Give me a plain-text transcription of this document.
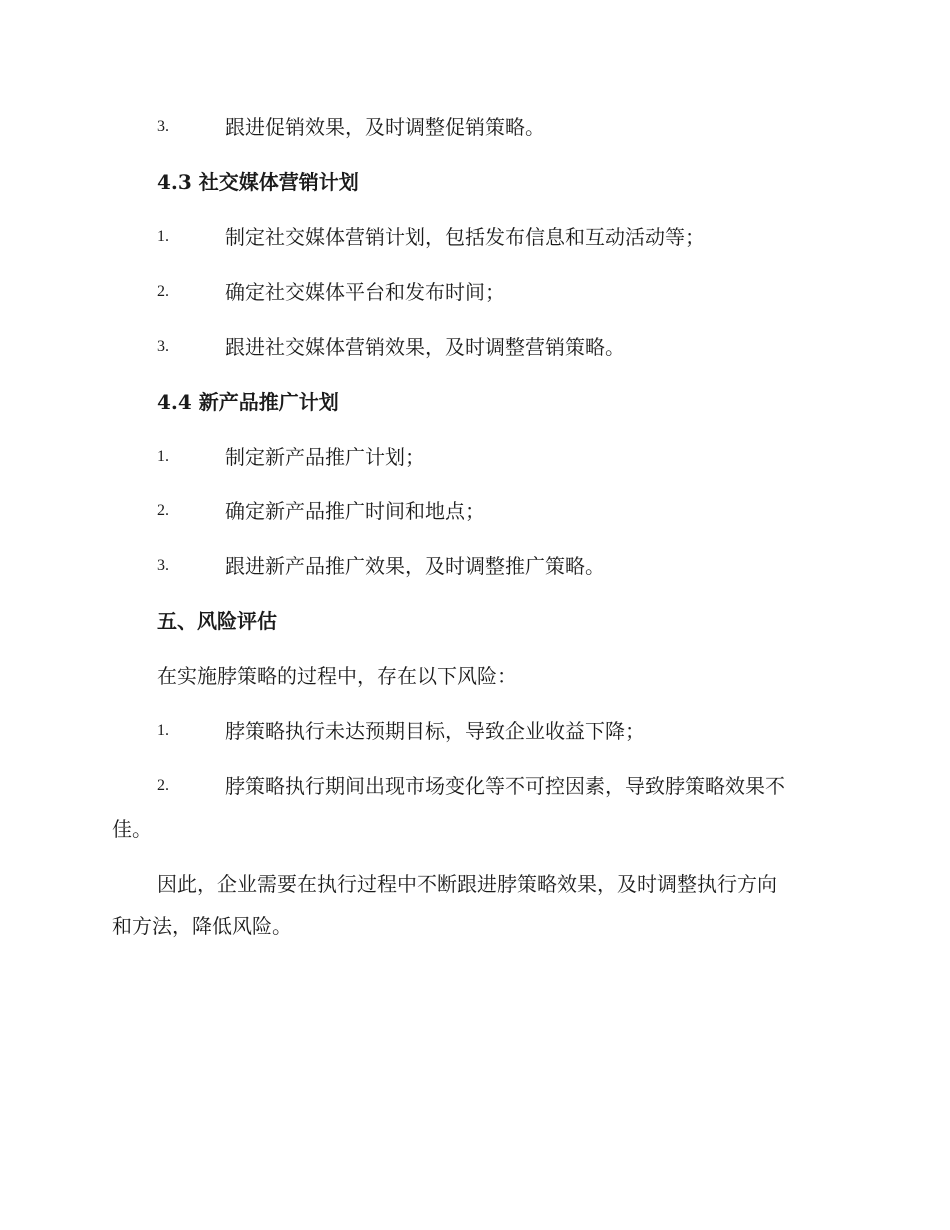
3.	跟进促销效果，及时调整促销策略。
4.3 社交媒体营销计划
1.	制定社交媒体营销计划，包括发布信息和互动活动等；
2.	确定社交媒体平台和发布时间；
3.	跟进社交媒体营销效果，及时调整营销策略。
4.4 新产品推广计划
1.	制定新产品推广计划；
2.	确定新产品推广时间和地点；
3.	跟进新产品推广效果，及时调整推广策略。
五、风险评估
在实施脖策略的过程中，存在以下风险：
1.	脖策略执行未达预期目标，导致企业收益下降；
2.	脖策略执行期间出现市场变化等不可控因素，导致脖策略效果不
佳。
因此，企业需要在执行过程中不断跟进脖策略效果，及时调整执行方向
和方法，降低风险。
